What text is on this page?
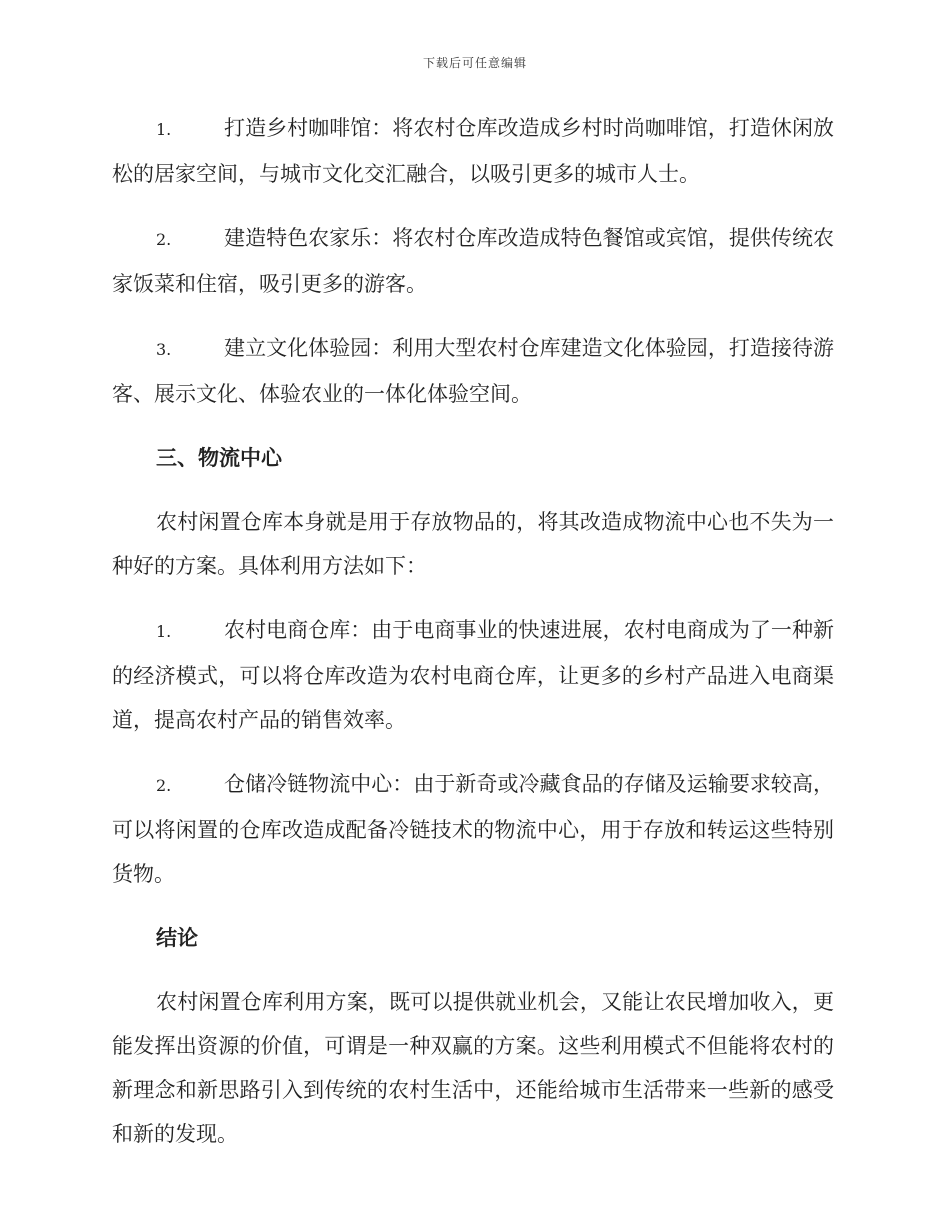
下载后可任意编辑

1.	打造乡村咖啡馆：将农村仓库改造成乡村时尚咖啡馆，打造休闲放松的居家空间，与城市文化交汇融合，以吸引更多的城市人士。

2.	建造特色农家乐：将农村仓库改造成特色餐馆或宾馆，提供传统农家饭菜和住宿，吸引更多的游客。

3.	建立文化体验园：利用大型农村仓库建造文化体验园，打造接待游客、展示文化、体验农业的一体化体验空间。

三、物流中心

农村闲置仓库本身就是用于存放物品的，将其改造成物流中心也不失为一种好的方案。具体利用方法如下：

1.	农村电商仓库：由于电商事业的快速进展，农村电商成为了一种新的经济模式，可以将仓库改造为农村电商仓库，让更多的乡村产品进入电商渠道，提高农村产品的销售效率。

2.	仓储冷链物流中心：由于新奇或冷藏食品的存储及运输要求较高，可以将闲置的仓库改造成配备冷链技术的物流中心，用于存放和转运这些特别货物。

结论

农村闲置仓库利用方案，既可以提供就业机会，又能让农民增加收入，更能发挥出资源的价值，可谓是一种双赢的方案。这些利用模式不但能将农村的新理念和新思路引入到传统的农村生活中，还能给城市生活带来一些新的感受和新的发现。
